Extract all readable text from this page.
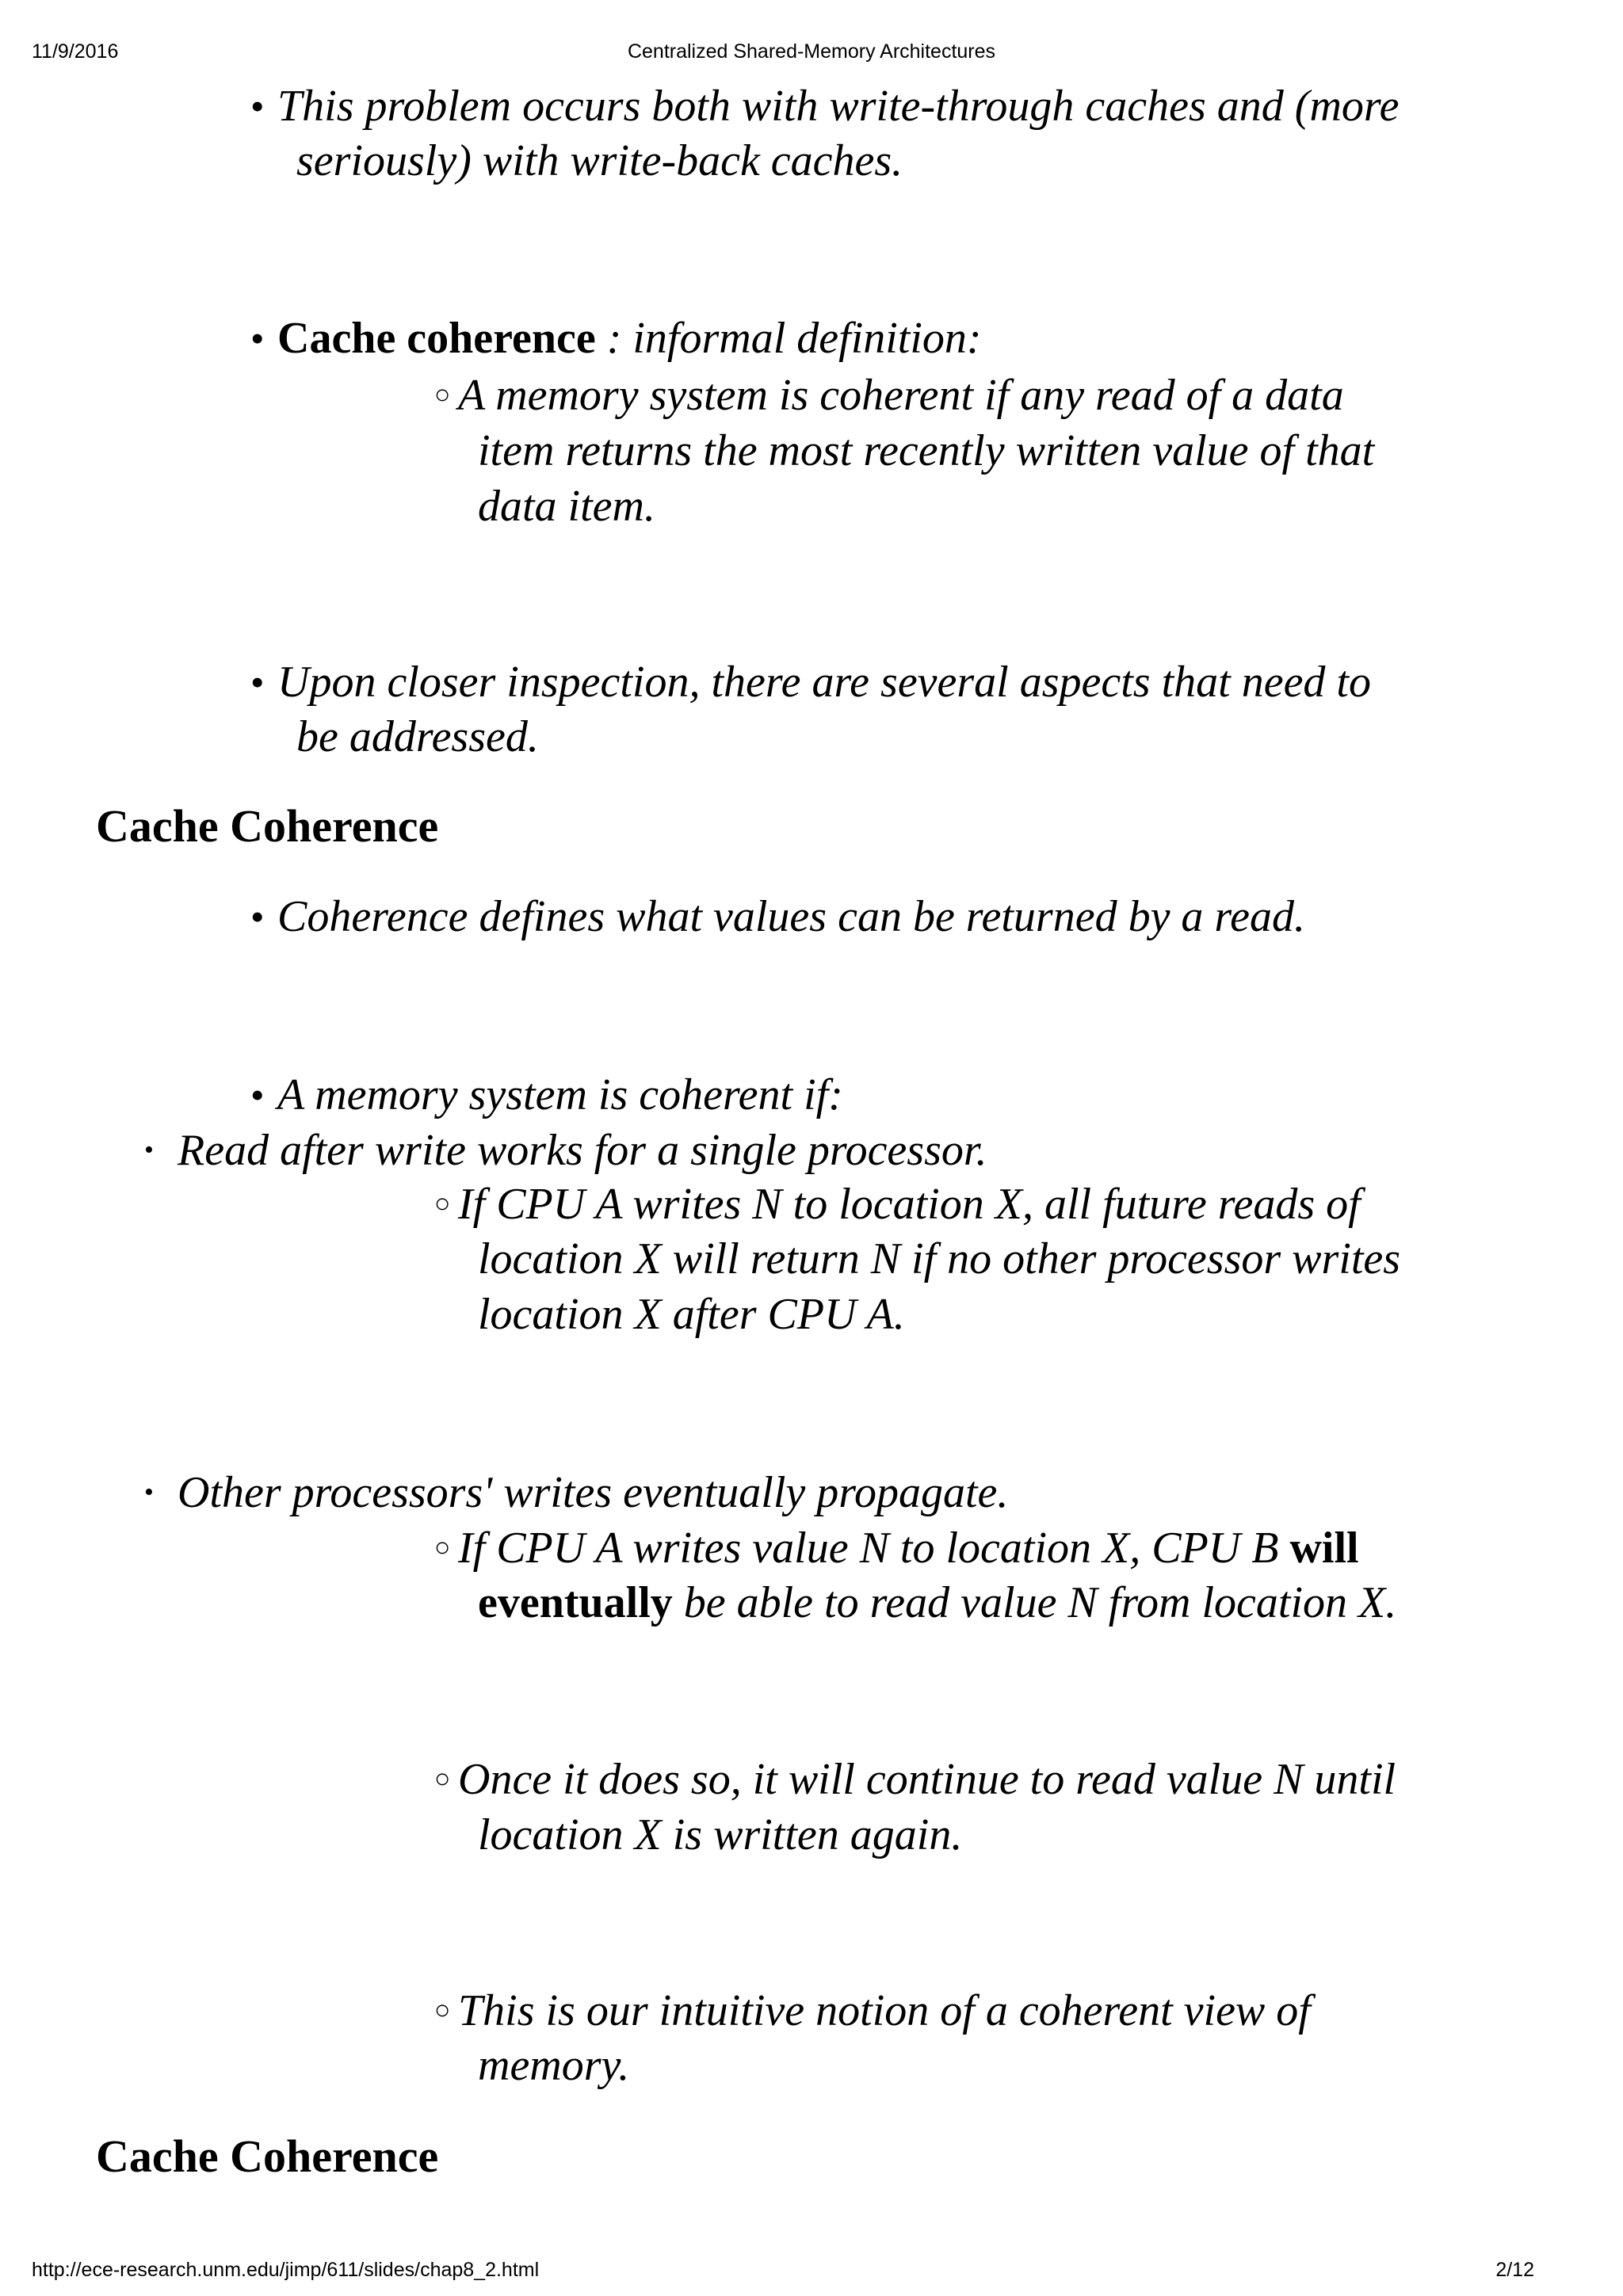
11/9/2016	Centralized Shared-Memory Architectures
• This problem occurs both with write-through caches and (more
seriously) with write-back caches.
• Cache coherence : informal definition:
○ A memory system is coherent if any read of a data
item returns the most recently written value of that
data item.
• Upon closer inspection, there are several aspects that need to
be addressed.
Cache Coherence
• Coherence defines what values can be returned by a read.
• A memory system is coherent if:
• Read after write works for a single processor.
○ If CPU A writes N to location X, all future reads of
location X will return N if no other processor writes
location X after CPU A.
• Other processors' writes eventually propagate.
○ If CPU A writes value N to location X, CPU B will
eventually be able to read value N from location X.
○ Once it does so, it will continue to read value N until
location X is written again.
○ This is our intuitive notion of a coherent view of
memory.
Cache Coherence
http://ece-research.unm.edu/jimp/611/slides/chap8_2.html	2/12
